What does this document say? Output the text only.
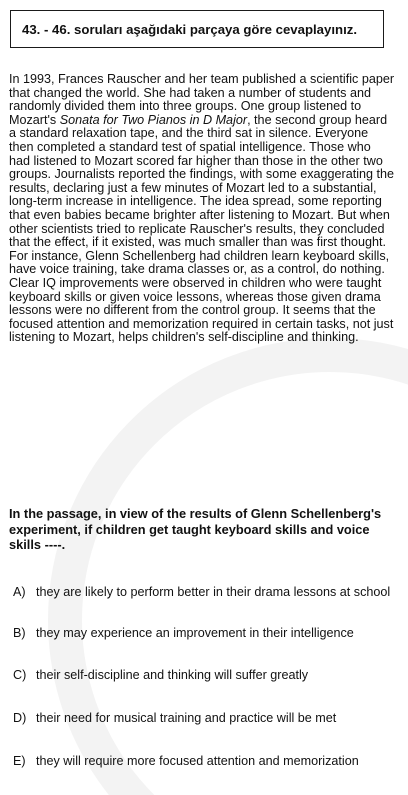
43. - 46. soruları aşağıdaki parçaya göre cevaplayınız.
In 1993, Frances Rauscher and her team published a scientific paper that changed the world. She had taken a number of students and randomly divided them into three groups. One group listened to Mozart's Sonata for Two Pianos in D Major, the second group heard a standard relaxation tape, and the third sat in silence. Everyone then completed a standard test of spatial intelligence. Those who had listened to Mozart scored far higher than those in the other two groups. Journalists reported the findings, with some exaggerating the results, declaring just a few minutes of Mozart led to a substantial, long-term increase in intelligence. The idea spread, some reporting that even babies became brighter after listening to Mozart. But when other scientists tried to replicate Rauscher's results, they concluded that the effect, if it existed, was much smaller than was first thought. For instance, Glenn Schellenberg had children learn keyboard skills, have voice training, take drama classes or, as a control, do nothing. Clear IQ improvements were observed in children who were taught keyboard skills or given voice lessons, whereas those given drama lessons were no different from the control group. It seems that the focused attention and memorization required in certain tasks, not just listening to Mozart, helps children's self-discipline and thinking.
In the passage, in view of the results of Glenn Schellenberg's experiment, if children get taught keyboard skills and voice skills ----.
A) they are likely to perform better in their drama lessons at school
B) they may experience an improvement in their intelligence
C) their self-discipline and thinking will suffer greatly
D) their need for musical training and practice will be met
E) they will require more focused attention and memorization
